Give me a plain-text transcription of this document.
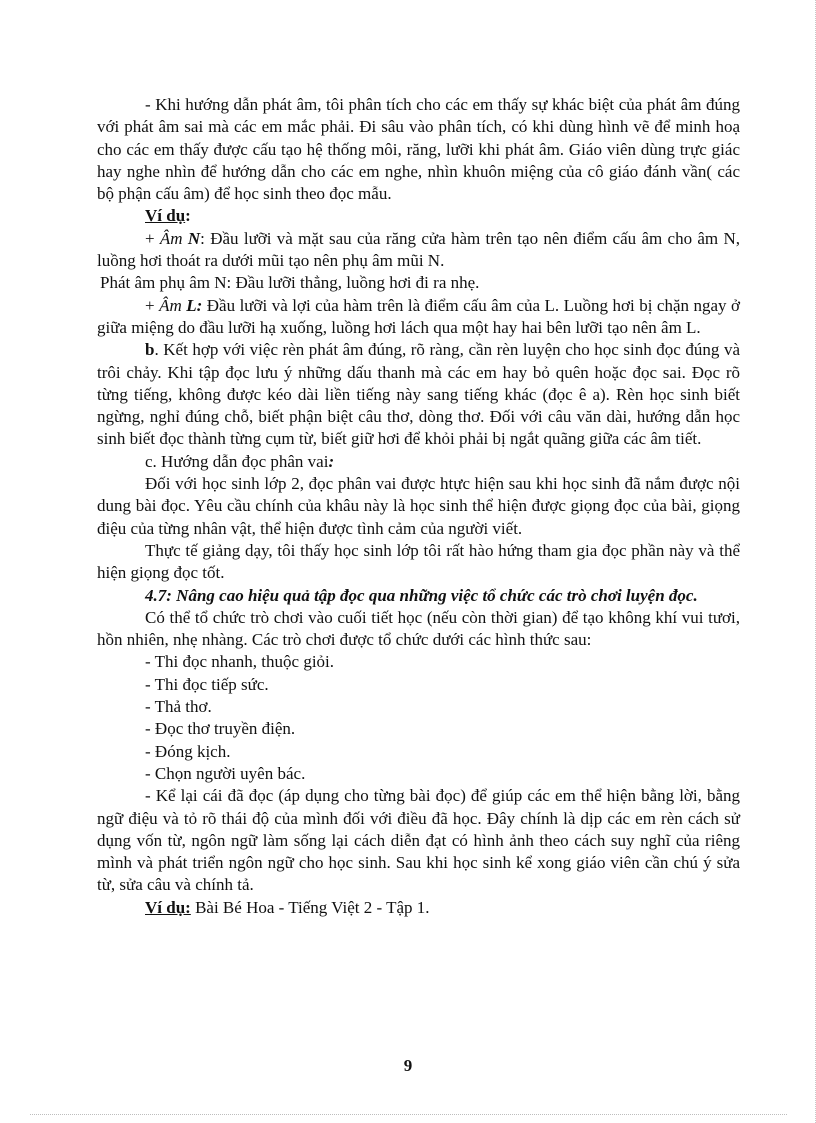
- Khi hướng dẫn phát âm, tôi phân tích cho các em thấy sự khác biệt của phát âm đúng với phát âm sai mà các em mắc phải. Đi sâu vào phân tích, có khi dùng hình vẽ để minh hoạ cho các em thấy được cấu tạo hệ thống môi, răng, lưỡi khi phát âm. Giáo viên dùng trực giác hay nghe nhìn để hướng dẫn cho các em nghe, nhìn khuôn miệng của cô giáo đánh vần( các bộ phận cấu âm) để học sinh theo đọc mẫu.

Ví dụ:

+ Âm N: Đầu lưỡi và mặt sau của răng cửa hàm trên tạo nên điểm cấu âm cho âm N, luồng hơi thoát ra dưới mũi tạo nên phụ âm mũi N.

Phát âm phụ âm N: Đầu lưỡi thẳng, luồng hơi đi ra nhẹ.

+ Âm L: Đầu lưỡi và lợi của hàm trên là điểm cấu âm của L. Luồng hơi bị chặn ngay ở giữa miệng do đầu lưỡi hạ xuống, luồng hơi lách qua một hay hai bên lưỡi tạo nên âm L.

b. Kết hợp với việc rèn phát âm đúng, rõ ràng, cần rèn luyện cho học sinh đọc đúng và trôi chảy. Khi tập đọc lưu ý những dấu thanh mà các em hay bỏ quên hoặc đọc sai. Đọc rõ từng tiếng, không được kéo dài liền tiếng này sang tiếng khác (đọc ê a). Rèn học sinh biết ngừng, nghỉ đúng chỗ, biết phận biệt câu thơ, dòng thơ. Đối với câu văn dài, hướng dẫn học sinh biết đọc thành từng cụm từ, biết giữ hơi để khỏi phải bị ngắt quãng giữa các âm tiết.

c. Hướng dẫn đọc phân vai:

Đối với học sinh lớp 2, đọc phân vai được htực hiện sau khi học sinh đã nắm được nội dung bài đọc. Yêu cầu chính của khâu này là học sinh thể hiện được giọng đọc của bài, giọng điệu của từng nhân vật, thể hiện được tình cảm của người viết.

Thực tế giảng dạy, tôi thấy học sinh lớp tôi rất hào hứng tham gia đọc phần này và thể hiện giọng đọc tốt.

4.7: Nâng cao hiệu quả tập đọc qua những việc tổ chức các trò chơi luyện đọc.

Có thể tổ chức trò chơi vào cuối tiết học (nếu còn thời gian) để tạo không khí vui tươi, hồn nhiên, nhẹ nhàng. Các trò chơi được tổ chức dưới các hình thức sau:

- Thi đọc nhanh, thuộc giỏi.

- Thi đọc tiếp sức.

- Thả thơ.

- Đọc thơ truyền điện.

- Đóng kịch.

- Chọn người uyên bác.

- Kể lại cái đã đọc (áp dụng cho từng bài đọc) để giúp các em thể hiện bằng lời, bằng ngữ điệu và tỏ rõ thái độ của mình đối với điều đã học. Đây chính là dịp các em rèn cách sử dụng vốn từ, ngôn ngữ làm sống lại cách diễn đạt có hình ảnh theo cách suy nghĩ của riêng mình và phát triển ngôn ngữ cho học sinh. Sau khi học sinh kể xong giáo viên cần chú ý sửa từ, sửa câu và chính tả.

Ví dụ: Bài Bé Hoa - Tiếng Việt 2 - Tập 1.

9
